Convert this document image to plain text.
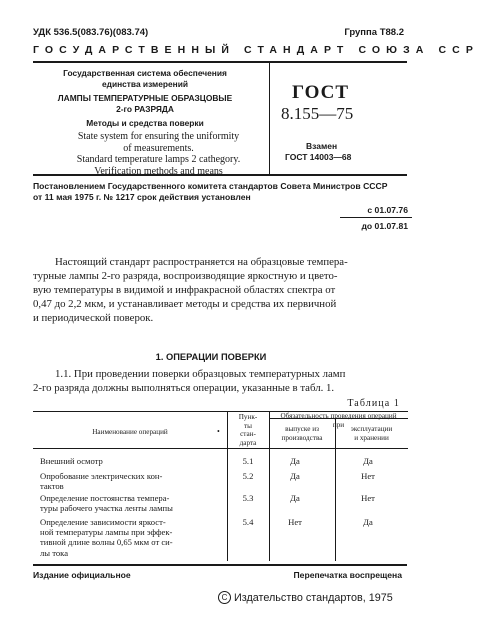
УДК 536.5(083.76)(083.74)	Группа Т88.2
ГОСУДАРСТВЕННЫЙ СТАНДАРТ СОЮЗА ССР
Государственная система обеспечения
единства измерений
ЛАМПЫ ТЕМПЕРАТУРНЫЕ ОБРАЗЦОВЫЕ
2-го РАЗРЯДА
Методы и средства поверки
State system for ensuring the uniformity
of measurements.
Standard temperature lamps 2 cathegory.
Verification methods and means
ГОСТ
8.155—75
Взамен
ГОСТ 14003—68
Постановлением Государственного комитета стандартов Совета Министров СССР
от 11 мая 1975 г. № 1217 срок действия установлен
с 01.07.76
до 01.07.81
Настоящий стандарт распространяется на образцовые темпера-
турные лампы 2-го разряда, воспроизводящие яркостную и цвето-
вую температуры в видимой и инфракрасной областях спектра от
0,47 до 2,2 мкм, и устанавливает методы и средства их первичной
и периодической поверок.
1. ОПЕРАЦИИ ПОВЕРКИ
1.1. При проведении поверки образцовых температурных ламп
2-го разряда должны выполняться операции, указанные в табл. 1.
Таблица 1
Наименование операций	•
Пунк-
ты
стан-
дарта
Обязательность проведения операций
при
выпуске из
производства
эксплуатации
и хранении
Внешний осмотр	5.1	Да	Да
Опробование электрических кон-
тактов
5.2	Да	Нет
Определение постоянства темпера-
туры рабочего участка ленты лампы
5.3	Да	Нет
Определение зависимости яркост-
ной температуры лампы при эффек-
тивной длине волны 0,65 мкм от си-
лы тока
5.4	Нет	Да
Издание официальное	Перепечатка воспрещена
С Издательство стандартов, 1975
